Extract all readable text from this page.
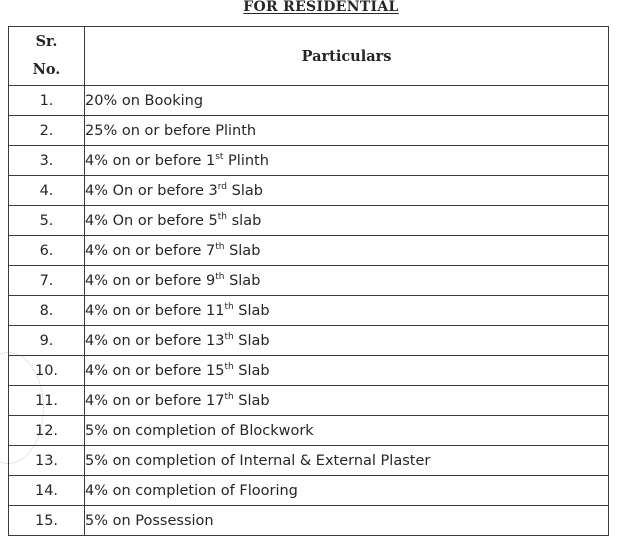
FOR RESIDENTIAL
Sr.
No.	Particulars
1.	20% on Booking
2.	25% on or before Plinth
3.	4% on or before 1st Plinth
4.	4% On or before 3rd Slab
5.	4% On or before 5th slab
6.	4% on or before 7th Slab
7.	4% on or before 9th Slab
8.	4% on or before 11th Slab
9.	4% on or before 13th Slab
10.	4% on or before 15th Slab
11.	4% on or before 17th Slab
12.	5% on completion of Blockwork
13.	5% on completion of Internal & External Plaster
14.	4% on completion of Flooring
15.	5% on Possession
